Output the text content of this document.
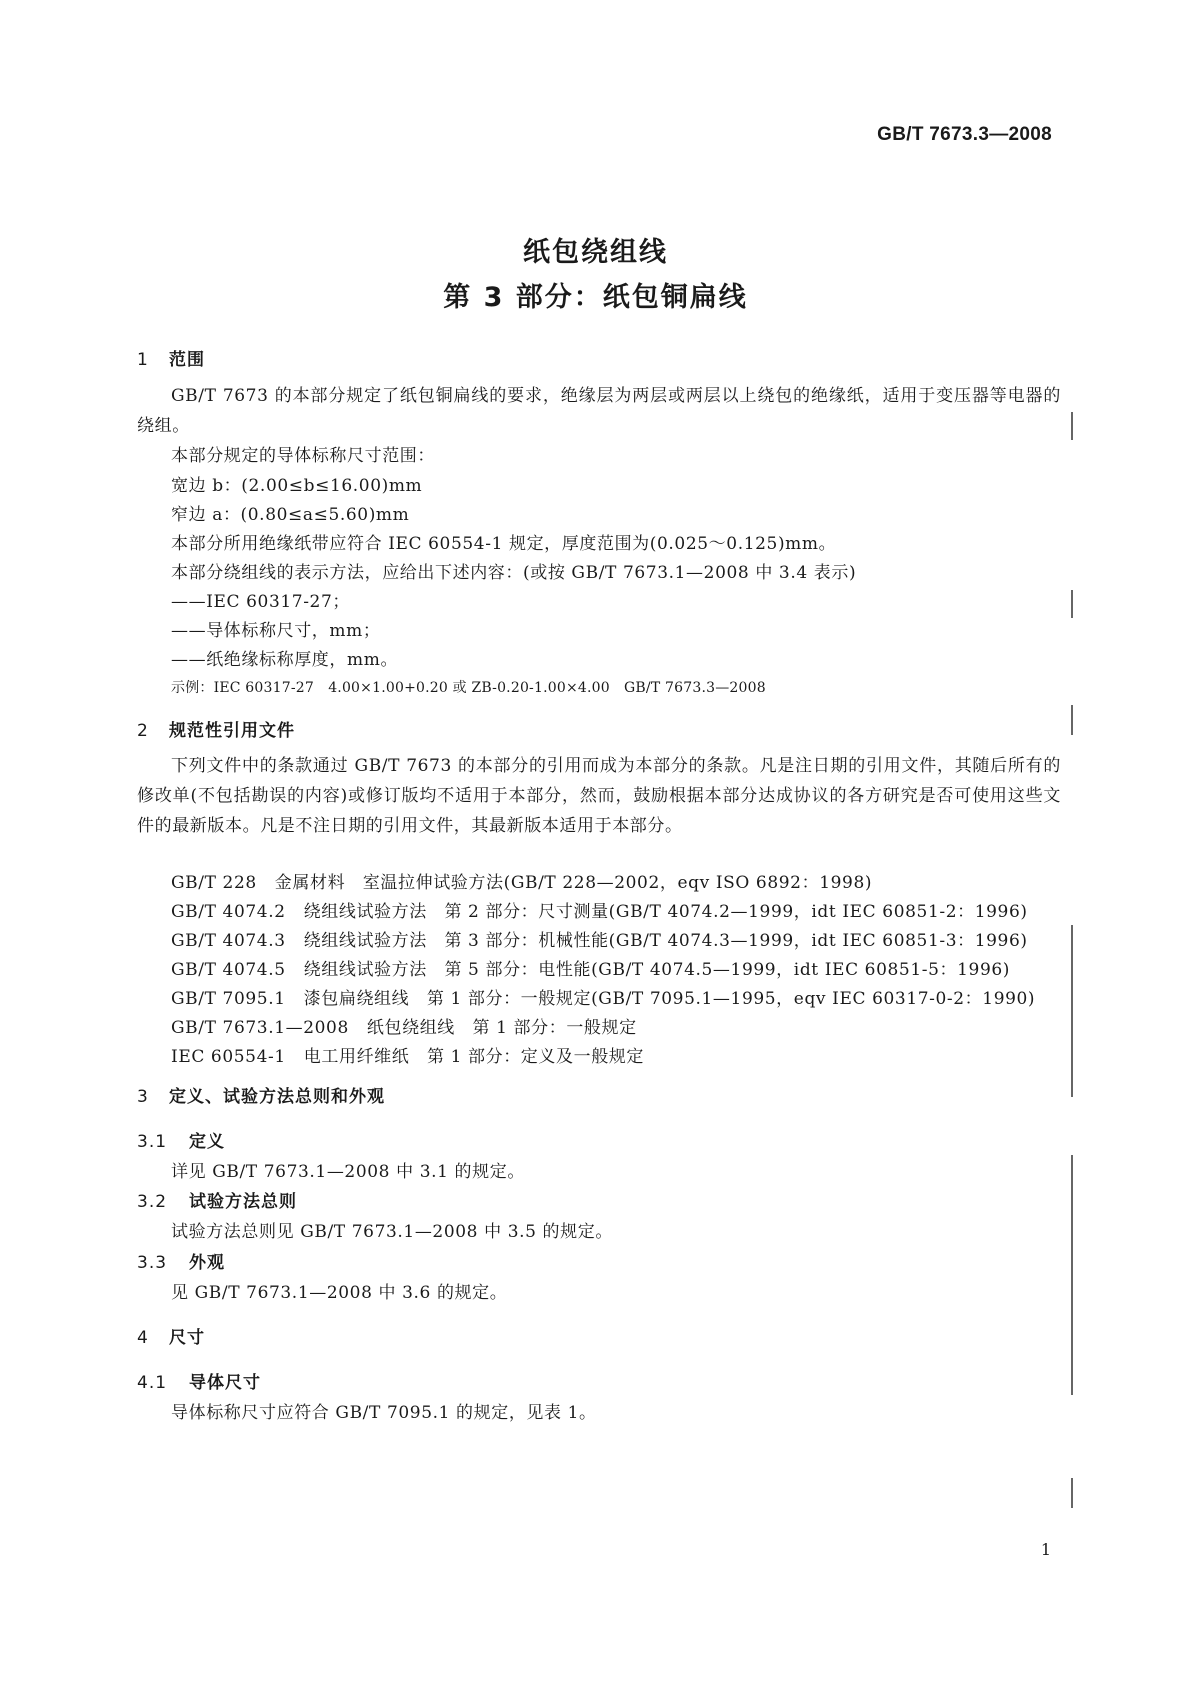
GB/T 7673.3—2008
纸包绕组线
第 3 部分：纸包铜扁线
1 范围
GB/T 7673 的本部分规定了纸包铜扁线的要求，绝缘层为两层或两层以上绕包的绝缘纸，适用于变压器等电器的绕组。
本部分规定的导体标称尺寸范围：
宽边 b：(2.00≤b≤16.00)mm
窄边 a：(0.80≤a≤5.60)mm
本部分所用绝缘纸带应符合 IEC 60554-1 规定，厚度范围为(0.025～0.125)mm。
本部分绕组线的表示方法，应给出下述内容：(或按 GB/T 7673.1—2008 中 3.4 表示)
——IEC 60317-27；
——导体标称尺寸，mm；
——纸绝缘标称厚度，mm。
示例：IEC 60317-27　4.00×1.00+0.20 或 ZB-0.20-1.00×4.00　GB/T 7673.3—2008
2 规范性引用文件
下列文件中的条款通过 GB/T 7673 的本部分的引用而成为本部分的条款。凡是注日期的引用文件，其随后所有的修改单(不包括勘误的内容)或修订版均不适用于本部分，然而，鼓励根据本部分达成协议的各方研究是否可使用这些文件的最新版本。凡是不注日期的引用文件，其最新版本适用于本部分。
GB/T 228 金属材料　室温拉伸试验方法(GB/T 228—2002，eqv ISO 6892：1998)
GB/T 4074.2 绕组线试验方法　第 2 部分：尺寸测量(GB/T 4074.2—1999，idt IEC 60851-2：1996)
GB/T 4074.3 绕组线试验方法　第 3 部分：机械性能(GB/T 4074.3—1999，idt IEC 60851-3：1996)
GB/T 4074.5 绕组线试验方法　第 5 部分：电性能(GB/T 4074.5—1999，idt IEC 60851-5：1996)
GB/T 7095.1 漆包扁绕组线　第 1 部分：一般规定(GB/T 7095.1—1995，eqv IEC 60317-0-2：1990)
GB/T 7673.1—2008 纸包绕组线　第 1 部分：一般规定
IEC 60554-1 电工用纤维纸　第 1 部分：定义及一般规定
3 定义、试验方法总则和外观
3.1 定义
详见 GB/T 7673.1—2008 中 3.1 的规定。
3.2 试验方法总则
试验方法总则见 GB/T 7673.1—2008 中 3.5 的规定。
3.3 外观
见 GB/T 7673.1—2008 中 3.6 的规定。
4 尺寸
4.1 导体尺寸
导体标称尺寸应符合 GB/T 7095.1 的规定，见表 1。
1
